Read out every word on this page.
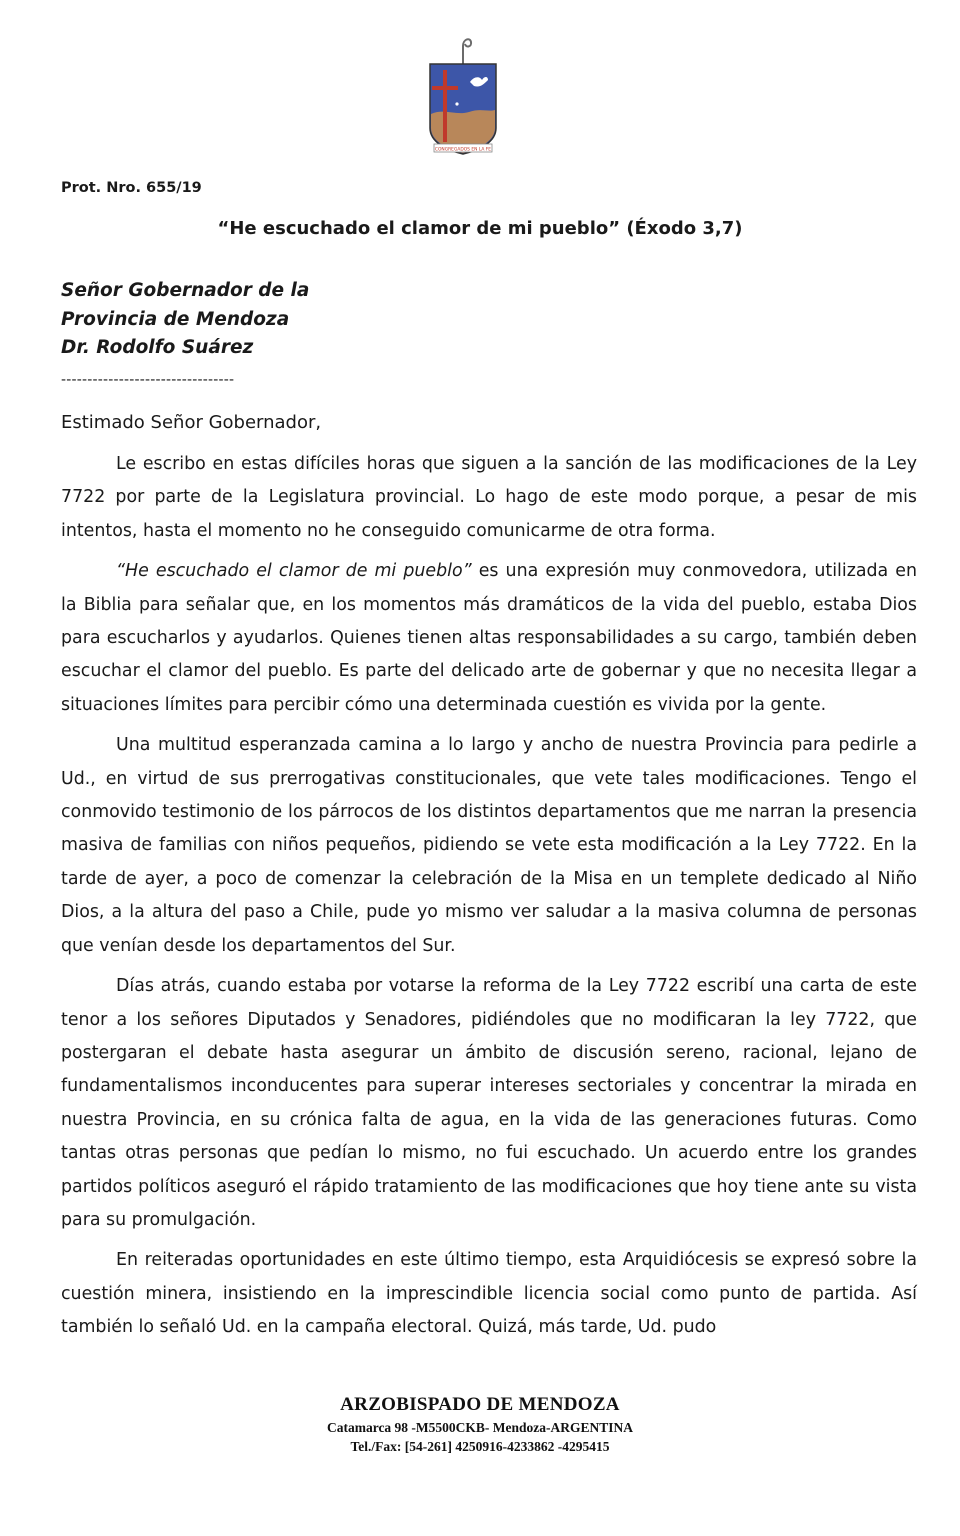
CONGREGADOS EN LA FE
Prot. Nro. 655/19
“He escuchado el clamor de mi pueblo” (Éxodo 3,7)
Señor Gobernador de la
Provincia de Mendoza
Dr. Rodolfo Suárez
---------------------------------
Estimado Señor Gobernador,

Le escribo en estas difíciles horas que siguen a la sanción de las modificaciones de la Ley 7722 por parte de la Legislatura provincial. Lo hago de este modo porque, a pesar de mis intentos, hasta el momento no he conseguido comunicarme de otra forma.

“He escuchado el clamor de mi pueblo” es una expresión muy conmovedora, utilizada en la Biblia para señalar que, en los momentos más dramáticos de la vida del pueblo, estaba Dios para escucharlos y ayudarlos. Quienes tienen altas responsabilidades a su cargo, también deben escuchar el clamor del pueblo. Es parte del delicado arte de gobernar y que no necesita llegar a situaciones límites para percibir cómo una determinada cuestión es vivida por la gente.

Una multitud esperanzada camina a lo largo y ancho de nuestra Provincia para pedirle a Ud., en virtud de sus prerrogativas constitucionales, que vete tales modificaciones. Tengo el conmovido testimonio de los párrocos de los distintos departamentos que me narran la presencia masiva de familias con niños pequeños, pidiendo se vete esta modificación a la Ley 7722. En la tarde de ayer, a poco de comenzar la celebración de la Misa en un templete dedicado al Niño Dios, a la altura del paso a Chile, pude yo mismo ver saludar a la masiva columna de personas que venían desde los departamentos del Sur.

Días atrás, cuando estaba por votarse la reforma de la Ley 7722 escribí una carta de este tenor a los señores Diputados y Senadores, pidiéndoles que no modificaran la ley 7722, que postergaran el debate hasta asegurar un ámbito de discusión sereno, racional, lejano de fundamentalismos inconducentes para superar intereses sectoriales y concentrar la mirada en nuestra Provincia, en su crónica falta de agua, en la vida de las generaciones futuras. Como tantas otras personas que pedían lo mismo, no fui escuchado. Un acuerdo entre los grandes partidos políticos aseguró el rápido tratamiento de las modificaciones que hoy tiene ante su vista para su promulgación.

En reiteradas oportunidades en este último tiempo, esta Arquidiócesis se expresó sobre la cuestión minera, insistiendo en la imprescindible licencia social como punto de partida. Así también lo señaló Ud. en la campaña electoral. Quizá, más tarde, Ud. pudo

ARZOBISPADO DE MENDOZA
Catamarca 98 -M5500CKB- Mendoza-ARGENTINA
Tel./Fax: [54-261] 4250916-4233862 -4295415
